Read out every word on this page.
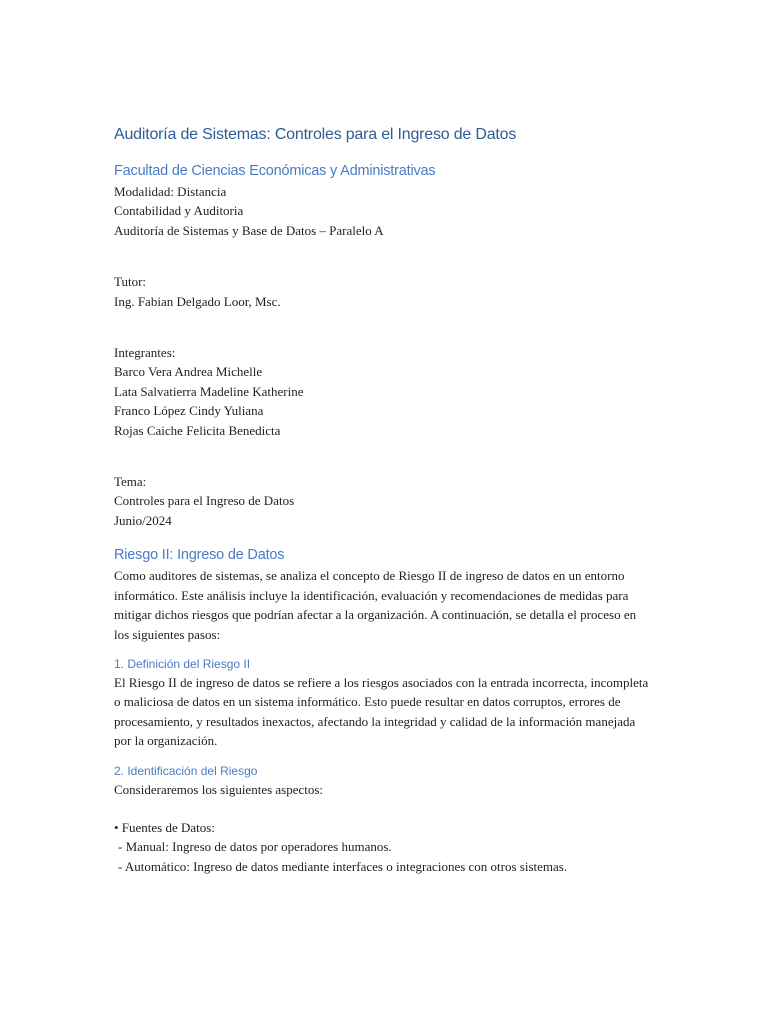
Auditoría de Sistemas: Controles para el Ingreso de Datos
Facultad de Ciencias Económicas y Administrativas

Modalidad: Distancia

Contabilidad y Auditoria

Auditoría de Sistemas y Base de Datos – Paralelo A

Tutor:

Ing. Fabian Delgado Loor, Msc.

Integrantes:

Barco Vera Andrea Michelle

Lata Salvatierra Madeline Katherine

Franco López Cindy Yuliana

Rojas Caiche Felicita Benedicta

Tema:

Controles para el Ingreso de Datos

Junio/2024

Riesgo II: Ingreso de Datos

Como auditores de sistemas, se analiza el concepto de Riesgo II de ingreso de datos en un entorno informático. Este análisis incluye la identificación, evaluación y recomendaciones de medidas para mitigar dichos riesgos que podrían afectar a la organización. A continuación, se detalla el proceso en los siguientes pasos:

1. Definición del Riesgo II

El Riesgo II de ingreso de datos se refiere a los riesgos asociados con la entrada incorrecta, incompleta o maliciosa de datos en un sistema informático. Esto puede resultar en datos corruptos, errores de procesamiento, y resultados inexactos, afectando la integridad y calidad de la información manejada por la organización.

2. Identificación del Riesgo

Consideraremos los siguientes aspectos:

• Fuentes de Datos:

- Manual: Ingreso de datos por operadores humanos.

- Automático: Ingreso de datos mediante interfaces o integraciones con otros sistemas.
